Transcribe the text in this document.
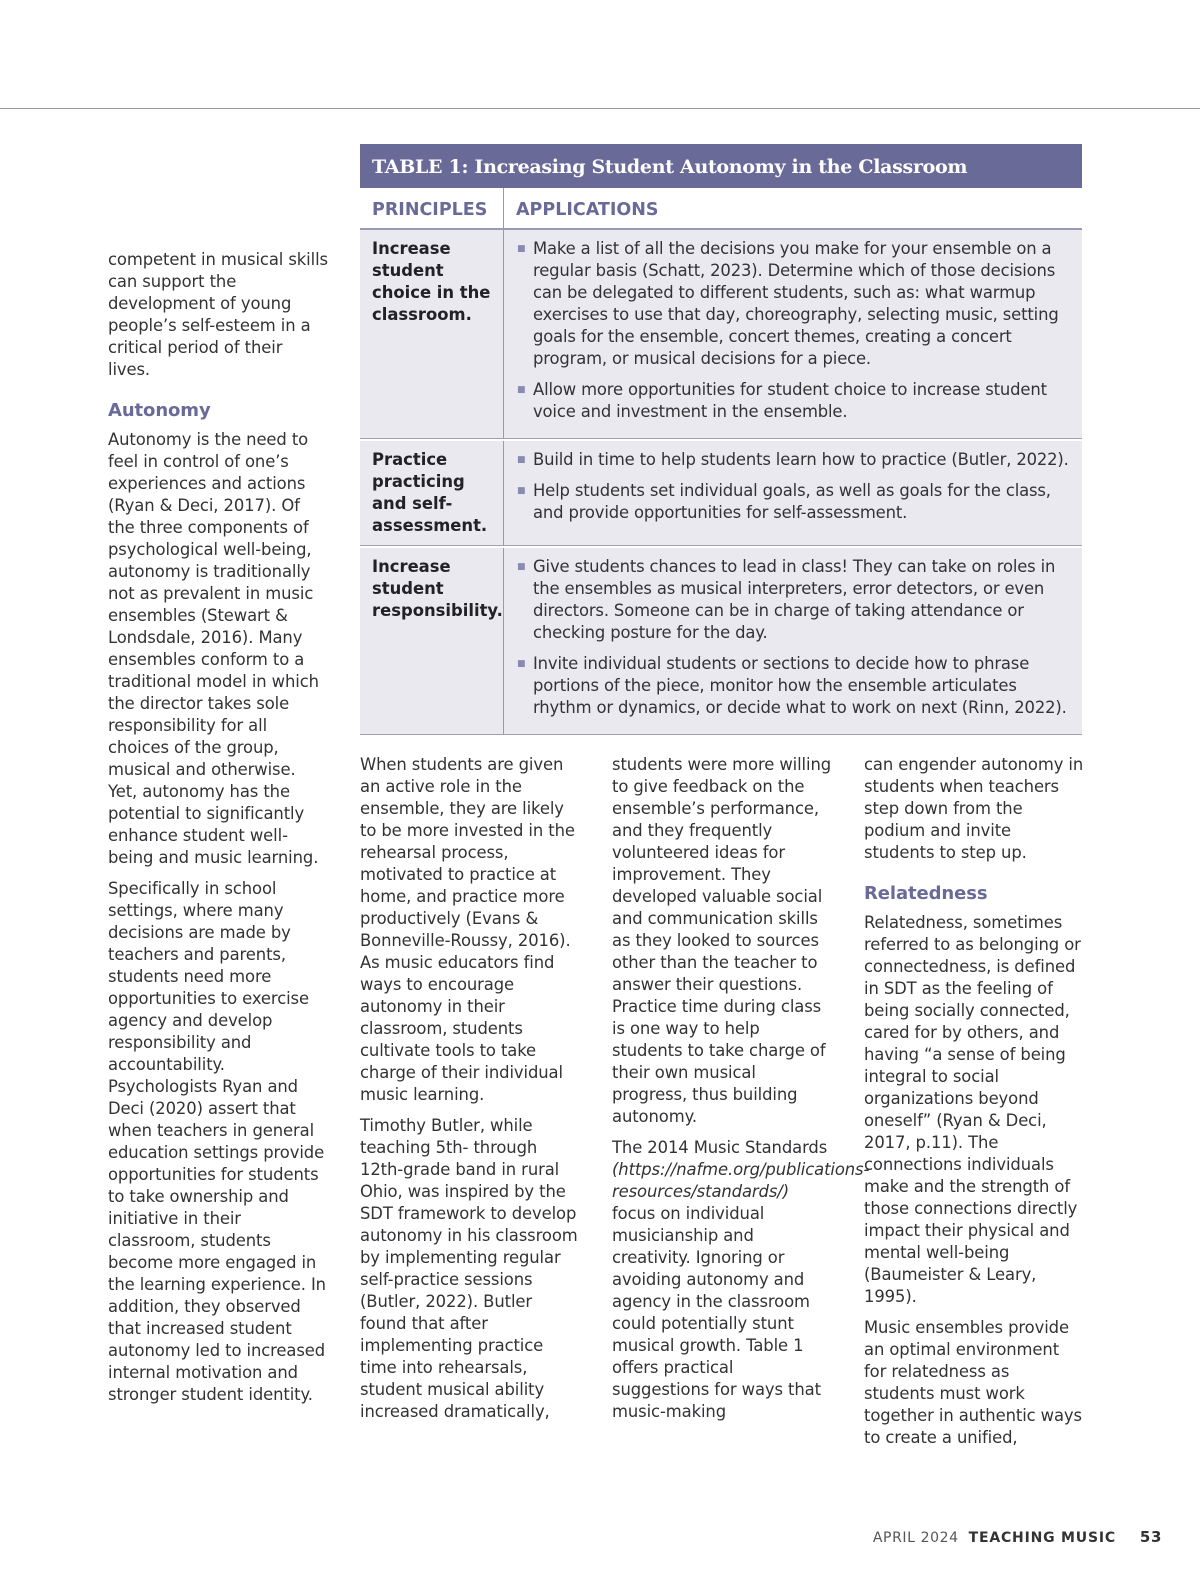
competent in musical skills can support the development of young people’s self-esteem in a critical period of their lives.

Autonomy

Autonomy is the need to feel in control of one’s experiences and actions (Ryan & Deci, 2017). Of the three components of psychological well-being, autonomy is traditionally not as prevalent in music ensembles (Stewart & Londsdale, 2016). Many ensembles conform to a traditional model in which the director takes sole responsibility for all choices of the group, musical and otherwise. Yet, autonomy has the potential to significantly enhance student well-being and music learning.

Specifically in school settings, where many decisions are made by teachers and parents, students need more opportunities to exercise agency and develop responsibility and accountability. Psychologists Ryan and Deci (2020) assert that when teachers in general education settings provide opportunities for students to take ownership and initiative in their classroom, students become more engaged in the learning experience. In addition, they observed that increased student autonomy led to increased internal motivation and stronger student identity.

TABLE 1: Increasing Student Autonomy in the Classroom
PRINCIPLES	APPLICATIONS
Increase student choice in the classroom.
■ Make a list of all the decisions you make for your ensemble on a regular basis (Schatt, 2023). Determine which of those decisions can be delegated to different students, such as: what warmup exercises to use that day, choreography, selecting music, setting goals for the ensemble, concert themes, creating a concert program, or musical decisions for a piece.
■ Allow more opportunities for student choice to increase student voice and investment in the ensemble.
Practice practicing and self-assessment.
■ Build in time to help students learn how to practice (Butler, 2022).
■ Help students set individual goals, as well as goals for the class, and provide opportunities for self-assessment.
Increase student responsibility.
■ Give students chances to lead in class! They can take on roles in the ensembles as musical interpreters, error detectors, or even directors. Someone can be in charge of taking attendance or checking posture for the day.
■ Invite individual students or sections to decide how to phrase portions of the piece, monitor how the ensemble articulates rhythm or dynamics, or decide what to work on next (Rinn, 2022).

When students are given an active role in the ensemble, they are likely to be more invested in the rehearsal process, motivated to practice at home, and practice more productively (Evans & Bonneville-Roussy, 2016). As music educators find ways to encourage autonomy in their classroom, students cultivate tools to take charge of their individual music learning.

Timothy Butler, while teaching 5th- through 12th-grade band in rural Ohio, was inspired by the SDT framework to develop autonomy in his classroom by implementing regular self-practice sessions (Butler, 2022). Butler found that after implementing practice time into rehearsals, student musical ability increased dramatically,

students were more willing to give feedback on the ensemble’s performance, and they frequently volunteered ideas for improvement. They developed valuable social and communication skills as they looked to sources other than the teacher to answer their questions. Practice time during class is one way to help students to take charge of their own musical progress, thus building autonomy.

The 2014 Music Standards (https://nafme.org/publications-resources/standards/) focus on individual musicianship and creativity. Ignoring or avoiding autonomy and agency in the classroom could potentially stunt musical growth. Table 1 offers practical suggestions for ways that music-making

can engender autonomy in students when teachers step down from the podium and invite students to step up.

Relatedness

Relatedness, sometimes referred to as belonging or connectedness, is defined in SDT as the feeling of being socially connected, cared for by others, and having “a sense of being integral to social organizations beyond oneself” (Ryan & Deci, 2017, p.11). The connections individuals make and the strength of those connections directly impact their physical and mental well-being (Baumeister & Leary, 1995).

Music ensembles provide an optimal environment for relatedness as students must work together in authentic ways to create a unified,

APRIL 2024 TEACHING MUSIC 53
